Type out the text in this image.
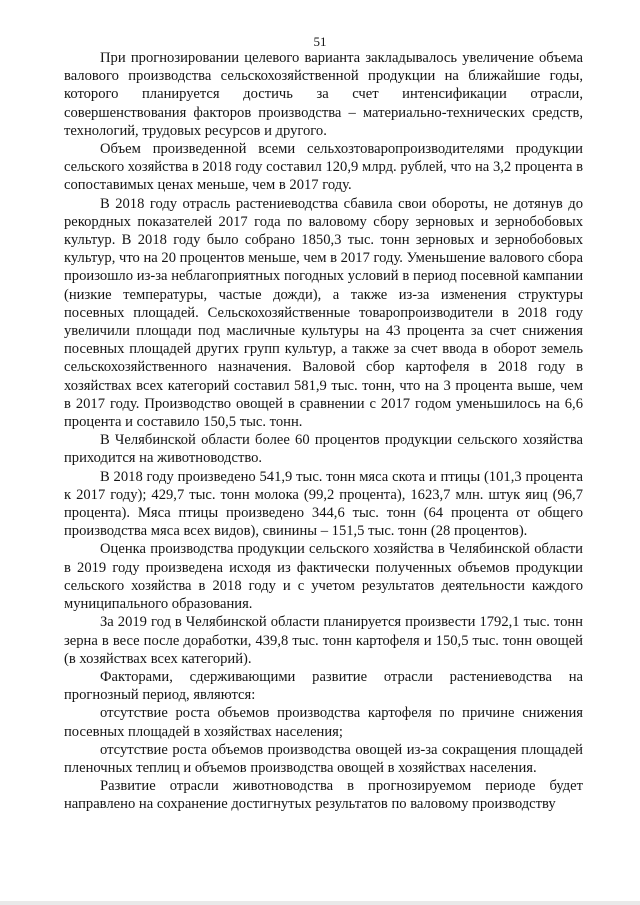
51

При прогнозировании целевого варианта закладывалось увеличение объема валового производства сельскохозяйственной продукции на ближайшие годы, которого планируется достичь за счет интенсификации отрасли, совершенствования факторов производства – материально-технических средств, технологий, трудовых ресурсов и другого.

Объем произведенной всеми сельхозтоваропроизводителями продукции сельского хозяйства в 2018 году составил 120,9 млрд. рублей, что на 3,2 процента в сопоставимых ценах меньше, чем в 2017 году.

В 2018 году отрасль растениеводства сбавила свои обороты, не дотянув до рекордных показателей 2017 года по валовому сбору зерновых и зернобобовых культур. В 2018 году было собрано 1850,3 тыс. тонн зерновых и зернобобовых культур, что на 20 процентов меньше, чем в 2017 году. Уменьшение валового сбора произошло из-за неблагоприятных погодных условий в период посевной кампании (низкие температуры, частые дожди), а также из-за изменения структуры посевных площадей. Сельскохозяйственные товаропроизводители в 2018 году увеличили площади под масличные культуры на 43 процента за счет снижения посевных площадей других групп культур, а также за счет ввода в оборот земель сельскохозяйственного назначения. Валовой сбор картофеля в 2018 году в хозяйствах всех категорий составил 581,9 тыс. тонн, что на 3 процента выше, чем в 2017 году. Производство овощей в сравнении с 2017 годом уменьшилось на 6,6 процента и составило 150,5 тыс. тонн.

В Челябинской области более 60 процентов продукции сельского хозяйства приходится на животноводство.

В 2018 году произведено 541,9 тыс. тонн мяса скота и птицы (101,3 процента к 2017 году); 429,7 тыс. тонн молока (99,2 процента), 1623,7 млн. штук яиц (96,7 процента). Мяса птицы произведено 344,6 тыс. тонн (64 процента от общего производства мяса всех видов), свинины – 151,5 тыс. тонн (28 процентов).

Оценка производства продукции сельского хозяйства в Челябинской области в 2019 году произведена исходя из фактически полученных объемов продукции сельского хозяйства в 2018 году и с учетом результатов деятельности каждого муниципального образования.

За 2019 год в Челябинской области планируется произвести 1792,1 тыс. тонн зерна в весе после доработки, 439,8 тыс. тонн картофеля и 150,5 тыс. тонн овощей (в хозяйствах всех категорий).

Факторами, сдерживающими развитие отрасли растениеводства на прогнозный период, являются:

отсутствие роста объемов производства картофеля по причине снижения посевных площадей в хозяйствах населения;

отсутствие роста объемов производства овощей из-за сокращения площадей пленочных теплиц и объемов производства овощей в хозяйствах населения.

Развитие отрасли животноводства в прогнозируемом периоде будет направлено на сохранение достигнутых результатов по валовому производству
